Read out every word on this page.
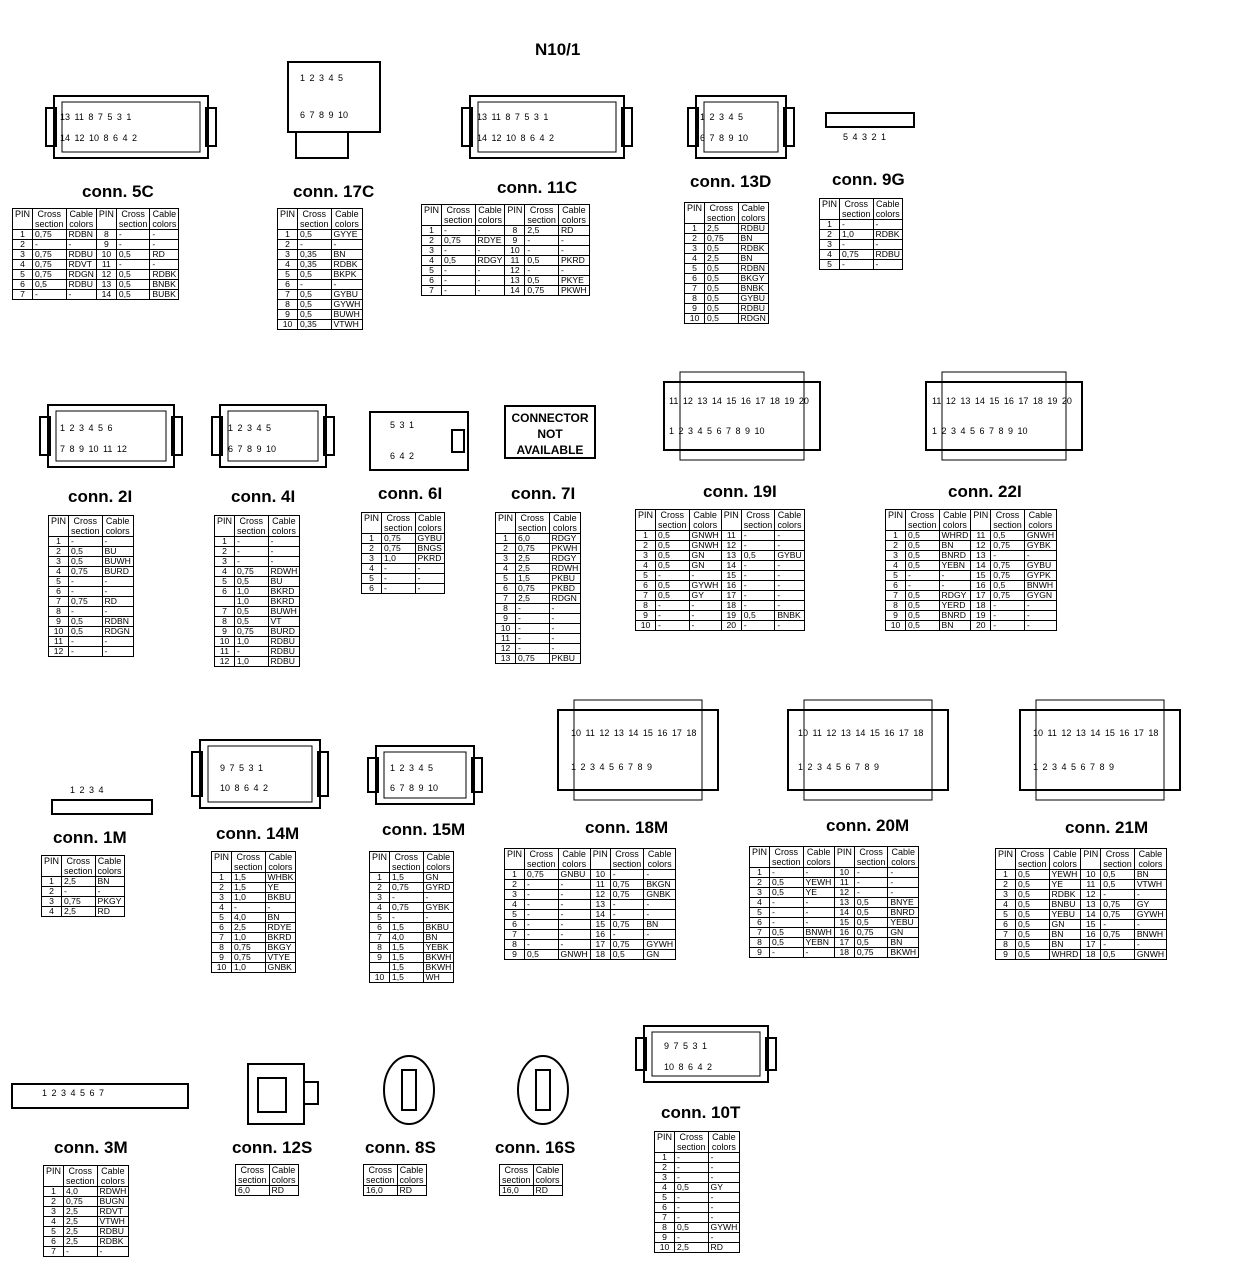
N10/1
CONNECTOR
NOT
AVAILABLE
conn. 5C
13 11 8 7 5 3 1
14 12 10 8 6 4 2
PIN	Cross
section	Cable
colors	PIN	Cross
section	Cable
colors
1	0,75	RDBN	8	-	-
2	-	-	9	-	-
3	0,75	RDBU	10	0,5	RD
4	0,75	RDVT	11	-	-
5	0,75	RDGN	12	0,5	RDBK
6	0,5	RDBU	13	0,5	BNBK
7	-	-	14	0,5	BUBK
conn. 17C
1 2 3 4 5
6 7 8 9 10
PIN	Cross
section	Cable
colors
1	0,5	GYYE
2	-	-
3	0,35	BN
4	0,35	RDBK
5	0,5	BKPK
6	-	-
7	0,5	GYBU
8	0,5	GYWH
9	0,5	BUWH
10	0,35	VTWH
conn. 11C
13 11 8 7 5 3 1
14 12 10 8 6 4 2
PIN	Cross
section	Cable
colors	PIN	Cross
section	Cable
colors
1	-	-	8	2,5	RD
2	0,75	RDYE	9	-	-
3	-	-	10	-	-
4	0,5	RDGY	11	0,5	PKRD
5	-	-	12	-	-
6	-	-	13	0,5	PKYE
7	-	-	14	0,75	PKWH
conn. 13D
1 2 3 4 5
6 7 8 9 10
PIN	Cross
section	Cable
colors
1	2,5	RDBU
2	0,75	BN
3	0,5	RDBK
4	2,5	BN
5	0,5	RDBN
6	0,5	BKGY
7	0,5	BNBK
8	0,5	GYBU
9	0,5	RDBU
10	0,5	RDGN
conn. 9G
5 4 3 2 1
PIN	Cross
section	Cable
colors
1	-	-
2	1,0	RDBK
3	-	-
4	0,75	RDBU
5	-	-
conn. 2I
1 2 3 4 5 6
7 8 9 10 11 12
PIN	Cross
section	Cable
colors
1	-	-
2	0,5	BU
3	0,5	BUWH
4	0,75	BURD
5	-	-
6	-	-
7	0,75	RD
8	-	-
9	0,5	RDBN
10	0,5	RDGN
11	-	-
12	-	-
conn. 4I
1 2 3 4 5
6 7 8 9 10
PIN	Cross
section	Cable
colors
1	-	-
2	-	-
3	-	-
4	0,75	RDWH
5	0,5	BU
6	1,0	BKRD
	1,0	BKRD
7	0,5	BUWH
8	0,5	VT
9	0,75	BURD
10	1,0	RDBU
11	-	RDBU
12	1,0	RDBU
conn. 6I
5 3 1
6 4 2
PIN	Cross
section	Cable
colors
1	0,75	GYBU
2	0,75	BNGS
3	1,0	PKRD
4	-	-
5	-	-
6	-	-
conn. 7I
PIN	Cross
section	Cable
colors
1	6,0	RDGY
2	0,75	PKWH
3	2,5	RDGY
4	2,5	RDWH
5	1,5	PKBU
6	0,75	PKBD
7	2,5	RDGN
8	-	-
9	-	-
10	-	-
11	-	-
12	-	-
13	0,75	PKBU
conn. 19I
11 12 13 14 15 16 17 18 19 20
1 2 3 4 5 6 7 8 9 10
PIN	Cross
section	Cable
colors	PIN	Cross
section	Cable
colors
1	0,5	GNWH	11	-	-
2	0,5	GNWH	12	-	-
3	0,5	GN	13	0,5	GYBU
4	0,5	GN	14	-	-
5	-	-	15	-	-
6	0,5	GYWH	16	-	-
7	0,5	GY	17	-	-
8	-	-	18	-	-
9	-	-	19	0,5	BNBK
10	-	-	20	-	-
conn. 22I
11 12 13 14 15 16 17 18 19 20
1 2 3 4 5 6 7 8 9 10
PIN	Cross
section	Cable
colors	PIN	Cross
section	Cable
colors
1	0,5	WHRD	11	0,5	GNWH
2	0,5	BN	12	0,75	GYBK
3	0,5	BNRD	13	-	-
4	0,5	YEBN	14	0,75	GYBU
5	-	-	15	0,75	GYPK
6	-	-	16	0,5	BNWH
7	0,5	RDGY	17	0,75	GYGN
8	0,5	YERD	18	-	-
9	0,5	BNRD	19	-	-
10	0,5	BN	20	-	-
conn. 1M
1 2 3 4
PIN	Cross
section	Cable
colors
1	2,5	BN
2	-	-
3	0,75	PKGY
4	2,5	RD
conn. 14M
9 7 5 3 1
10 8 6 4 2
PIN	Cross
section	Cable
colors
1	1,5	WHBK
2	1,5	YE
3	1,0	BKBU
4	-	-
5	4,0	BN
6	2,5	RDYE
7	1,0	BKRD
8	0,75	BKGY
9	0,75	VTYE
10	1,0	GNBK
conn. 15M
1 2 3 4 5
6 7 8 9 10
PIN	Cross
section	Cable
colors
1	1,5	GN
2	0,75	GYRD
3	-	-
4	0,75	GYBK
5	-	-
6	1,5	BKBU
7	4,0	BN
8	1,5	YEBK
9	1,5	BKWH
	1,5	BKWH
10	1,5	WH
conn. 18M
10 11 12 13 14 15 16 17 18
1 2 3 4 5 6 7 8 9
PIN	Cross
section	Cable
colors	PIN	Cross
section	Cable
colors
1	0,75	GNBU	10	-	-
2	-	-	11	0,75	BKGN
3	-	-	12	0,75	GNBK
4	-	-	13	-	-
5	-	-	14	-	-
6	-	-	15	0,75	BN
7	-	-	16	-	-
8	-	-	17	0,75	GYWH
9	0,5	GNWH	18	0,5	GN
conn. 20M
10 11 12 13 14 15 16 17 18
1 2 3 4 5 6 7 8 9
PIN	Cross
section	Cable
colors	PIN	Cross
section	Cable
colors
1	-	-	10	-	-
2	0,5	YEWH	11	-	-
3	0,5	YE	12	-	-
4	-	-	13	0,5	BNYE
5	-	-	14	0,5	BNRD
6	-	-	15	0,5	YEBU
7	0,5	BNWH	16	0,75	GN
8	0,5	YEBN	17	0,5	BN
9	-	-	18	0,75	BKWH
conn. 21M
10 11 12 13 14 15 16 17 18
1 2 3 4 5 6 7 8 9
PIN	Cross
section	Cable
colors	PIN	Cross
section	Cable
colors
1	0,5	YEWH	10	0,5	BN
2	0,5	YE	11	0,5	VTWH
3	0,5	RDBK	12	-	-
4	0,5	BNBU	13	0,75	GY
5	0,5	YEBU	14	0,75	GYWH
6	0,5	GN	15	-	-
7	0,5	BN	16	0,75	BNWH
8	0,5	BN	17	-	-
9	0,5	WHRD	18	0,5	GNWH
conn. 3M
1 2 3 4 5 6 7
PIN	Cross
section	Cable
colors
1	4,0	RDWH
2	0,75	BUGN
3	2,5	RDVT
4	2,5	VTWH
5	2,5	RDBU
6	2,5	RDBK
7	-	-
conn. 12S
Cross
section	Cable
colors
6,0	RD
conn. 8S
Cross
section	Cable
colors
16,0	RD
conn. 16S
Cross
section	Cable
colors
16,0	RD
conn. 10T
9 7 5 3 1
10 8 6 4 2
PIN	Cross
section	Cable
colors
1	-	-
2	-	-
3	-	-
4	0,5	GY
5	-	-
6	-	-
7	-	-
8	0,5	GYWH
9	-	-
10	2,5	RD
